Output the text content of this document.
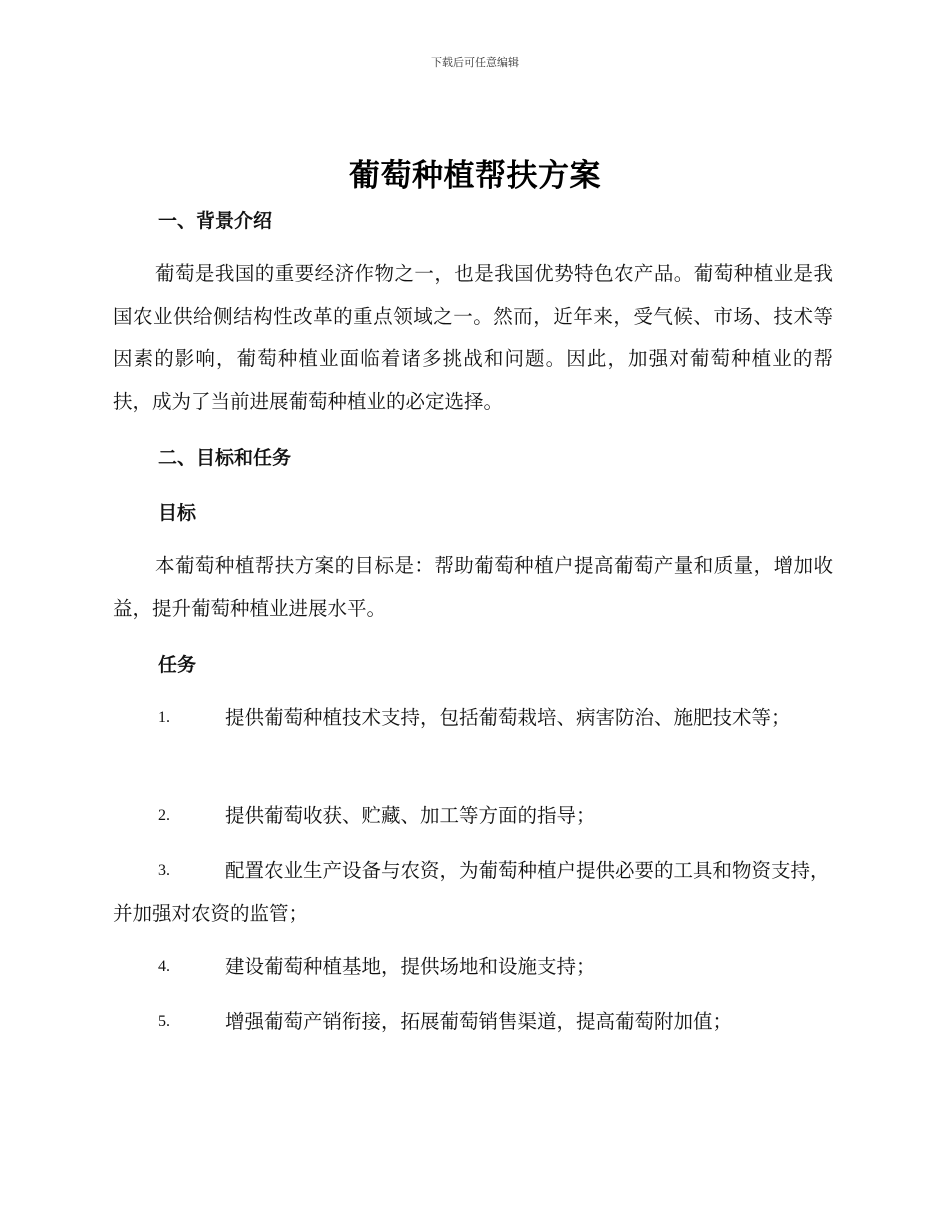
下载后可任意编辑
葡萄种植帮扶方案
一、背景介绍
葡萄是我国的重要经济作物之一，也是我国优势特色农产品。葡萄种植业是我国农业供给侧结构性改革的重点领域之一。然而，近年来，受气候、市场、技术等因素的影响，葡萄种植业面临着诸多挑战和问题。因此，加强对葡萄种植业的帮扶，成为了当前进展葡萄种植业的必定选择。
二、目标和任务
目标
本葡萄种植帮扶方案的目标是：帮助葡萄种植户提高葡萄产量和质量，增加收益，提升葡萄种植业进展水平。
任务
1.	提供葡萄种植技术支持，包括葡萄栽培、病害防治、施肥技术等；
2.	提供葡萄收获、贮藏、加工等方面的指导；
3.	配置农业生产设备与农资，为葡萄种植户提供必要的工具和物资支持，并加强对农资的监管；
4.	建设葡萄种植基地，提供场地和设施支持；
5.	增强葡萄产销衔接，拓展葡萄销售渠道，提高葡萄附加值；
